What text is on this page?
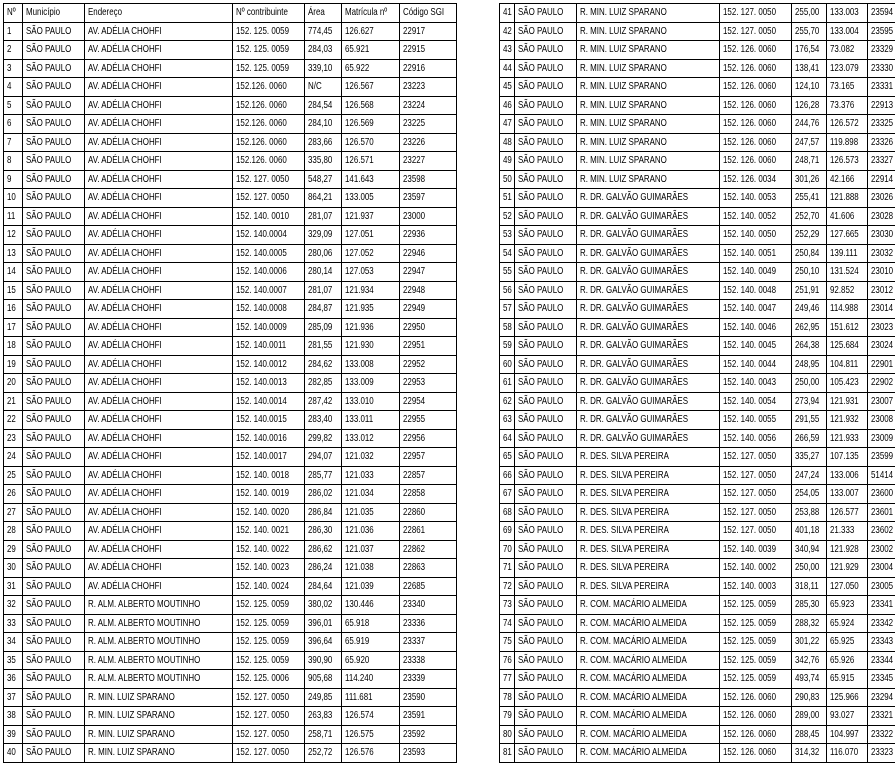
Nº	Município	Endereço	Nº contribuinte	Área	Matrícula nº	Código SGI
1	SÃO PAULO	AV. ADÉLIA CHOHFI	152. 125. 0059	774,45	126.627	22917
2	SÃO PAULO	AV. ADÉLIA CHOHFI	152. 125. 0059	284,03	65.921	22915
3	SÃO PAULO	AV. ADÉLIA CHOHFI	152. 125. 0059	339,10	65.922	22916
4	SÃO PAULO	AV. ADÉLIA CHOHFI	152.126. 0060	N/C	126.567	23223
5	SÃO PAULO	AV. ADÉLIA CHOHFI	152.126. 0060	284,54	126.568	23224
6	SÃO PAULO	AV. ADÉLIA CHOHFI	152.126. 0060	284,10	126.569	23225
7	SÃO PAULO	AV. ADÉLIA CHOHFI	152.126. 0060	283,66	126.570	23226
8	SÃO PAULO	AV. ADÉLIA CHOHFI	152.126. 0060	335,80	126.571	23227
9	SÃO PAULO	AV. ADÉLIA CHOHFI	152. 127. 0050	548,27	141.643	23598
10	SÃO PAULO	AV. ADÉLIA CHOHFI	152. 127. 0050	864,21	133.005	23597
11	SÃO PAULO	AV. ADÉLIA CHOHFI	152. 140. 0010	281,07	121.937	23000
12	SÃO PAULO	AV. ADÉLIA CHOHFI	152. 140.0004	329,09	127.051	22936
13	SÃO PAULO	AV. ADÉLIA CHOHFI	152. 140.0005	280,06	127.052	22946
14	SÃO PAULO	AV. ADÉLIA CHOHFI	152. 140.0006	280,14	127.053	22947
15	SÃO PAULO	AV. ADÉLIA CHOHFI	152. 140.0007	281,07	121.934	22948
16	SÃO PAULO	AV. ADÉLIA CHOHFI	152. 140.0008	284,87	121.935	22949
17	SÃO PAULO	AV. ADÉLIA CHOHFI	152. 140.0009	285,09	121.936	22950
18	SÃO PAULO	AV. ADÉLIA CHOHFI	152. 140.0011	281,55	121.930	22951
19	SÃO PAULO	AV. ADÉLIA CHOHFI	152. 140.0012	284,62	133.008	22952
20	SÃO PAULO	AV. ADÉLIA CHOHFI	152. 140.0013	282,85	133.009	22953
21	SÃO PAULO	AV. ADÉLIA CHOHFI	152. 140.0014	287,42	133.010	22954
22	SÃO PAULO	AV. ADÉLIA CHOHFI	152. 140.0015	283,40	133.011	22955
23	SÃO PAULO	AV. ADÉLIA CHOHFI	152. 140.0016	299,82	133.012	22956
24	SÃO PAULO	AV. ADÉLIA CHOHFI	152. 140.0017	294,07	121.032	22957
25	SÃO PAULO	AV. ADÉLIA CHOHFI	152. 140. 0018	285,77	121.033	22857
26	SÃO PAULO	AV. ADÉLIA CHOHFI	152. 140. 0019	286,02	121.034	22858
27	SÃO PAULO	AV. ADÉLIA CHOHFI	152. 140. 0020	286,84	121.035	22860
28	SÃO PAULO	AV. ADÉLIA CHOHFI	152. 140. 0021	286,30	121.036	22861
29	SÃO PAULO	AV. ADÉLIA CHOHFI	152. 140. 0022	286,62	121.037	22862
30	SÃO PAULO	AV. ADÉLIA CHOHFI	152. 140. 0023	286,24	121.038	22863
31	SÃO PAULO	AV. ADÉLIA CHOHFI	152. 140. 0024	284,64	121.039	22685
32	SÃO PAULO	R. ALM. ALBERTO MOUTINHO	152. 125. 0059	380,02	130.446	23340
33	SÃO PAULO	R. ALM. ALBERTO MOUTINHO	152. 125. 0059	396,01	65.918	23336
34	SÃO PAULO	R. ALM. ALBERTO MOUTINHO	152. 125. 0059	396,64	65.919	23337
35	SÃO PAULO	R. ALM. ALBERTO MOUTINHO	152. 125. 0059	390,90	65.920	23338
36	SÃO PAULO	R. ALM. ALBERTO MOUTINHO	152. 125. 0006	905,68	114.240	23339
37	SÃO PAULO	R. MIN. LUIZ SPARANO	152. 127. 0050	249,85	111.681	23590
38	SÃO PAULO	R. MIN. LUIZ SPARANO	152. 127. 0050	263,83	126.574	23591
39	SÃO PAULO	R. MIN. LUIZ SPARANO	152. 127. 0050	258,71	126.575	23592
40	SÃO PAULO	R. MIN. LUIZ SPARANO	152. 127. 0050	252,72	126.576	23593
41	SÃO PAULO	R. MIN. LUIZ SPARANO	152. 127. 0050	255,00	133.003	23594
42	SÃO PAULO	R. MIN. LUIZ SPARANO	152. 127. 0050	255,70	133.004	23595
43	SÃO PAULO	R. MIN. LUIZ SPARANO	152. 126. 0060	176,54	73.082	23329
44	SÃO PAULO	R. MIN. LUIZ SPARANO	152. 126. 0060	138,41	123.079	23330
45	SÃO PAULO	R. MIN. LUIZ SPARANO	152. 126. 0060	124,10	73.165	23331
46	SÃO PAULO	R. MIN. LUIZ SPARANO	152. 126. 0060	126,28	73.376	22913
47	SÃO PAULO	R. MIN. LUIZ SPARANO	152. 126. 0060	244,76	126.572	23325
48	SÃO PAULO	R. MIN. LUIZ SPARANO	152. 126. 0060	247,57	119.898	23326
49	SÃO PAULO	R. MIN. LUIZ SPARANO	152. 126. 0060	248,71	126.573	23327
50	SÃO PAULO	R. MIN. LUIZ SPARANO	152. 126. 0034	301,26	42.166	22914
51	SÃO PAULO	R. DR. GALVÃO GUIMARÃES	152. 140. 0053	255,41	121.888	23026
52	SÃO PAULO	R. DR. GALVÃO GUIMARÃES	152. 140. 0052	252,70	41.606	23028
53	SÃO PAULO	R. DR. GALVÃO GUIMARÃES	152. 140. 0050	252,29	127.665	23030
54	SÃO PAULO	R. DR. GALVÃO GUIMARÃES	152. 140. 0051	250,84	139.111	23032
55	SÃO PAULO	R. DR. GALVÃO GUIMARÃES	152. 140. 0049	250,10	131.524	23010
56	SÃO PAULO	R. DR. GALVÃO GUIMARÃES	152. 140. 0048	251,91	92.852	23012
57	SÃO PAULO	R. DR. GALVÃO GUIMARÃES	152. 140. 0047	249,46	114.988	23014
58	SÃO PAULO	R. DR. GALVÃO GUIMARÃES	152. 140. 0046	262,95	151.612	23023
59	SÃO PAULO	R. DR. GALVÃO GUIMARÃES	152. 140. 0045	264,38	125.684	23024
60	SÃO PAULO	R. DR. GALVÃO GUIMARÃES	152. 140. 0044	248,95	104.811	22901
61	SÃO PAULO	R. DR. GALVÃO GUIMARÃES	152. 140. 0043	250,00	105.423	22902
62	SÃO PAULO	R. DR. GALVÃO GUIMARÃES	152. 140. 0054	273,94	121.931	23007
63	SÃO PAULO	R. DR. GALVÃO GUIMARÃES	152. 140. 0055	291,55	121.932	23008
64	SÃO PAULO	R. DR. GALVÃO GUIMARÃES	152. 140. 0056	266,59	121.933	23009
65	SÃO PAULO	R. DES. SILVA PEREIRA	152. 127. 0050	335,27	107.135	23599
66	SÃO PAULO	R. DES. SILVA PEREIRA	152. 127. 0050	247,24	133.006	51414
67	SÃO PAULO	R. DES. SILVA PEREIRA	152. 127. 0050	254,05	133.007	23600
68	SÃO PAULO	R. DES. SILVA PEREIRA	152. 127. 0050	253,88	126.577	23601
69	SÃO PAULO	R. DES. SILVA PEREIRA	152. 127. 0050	401,18	21.333	23602
70	SÃO PAULO	R. DES. SILVA PEREIRA	152. 140. 0039	340,94	121.928	23002
71	SÃO PAULO	R. DES. SILVA PEREIRA	152. 140. 0002	250,00	121.929	23004
72	SÃO PAULO	R. DES. SILVA PEREIRA	152. 140. 0003	318,11	127.050	23005
73	SÃO PAULO	R. COM. MACÁRIO ALMEIDA	152. 125. 0059	285,30	65.923	23341
74	SÃO PAULO	R. COM. MACÁRIO ALMEIDA	152. 125. 0059	288,32	65.924	23342
75	SÃO PAULO	R. COM. MACÁRIO ALMEIDA	152. 125. 0059	301,22	65.925	23343
76	SÃO PAULO	R. COM. MACÁRIO ALMEIDA	152. 125. 0059	342,76	65.926	23344
77	SÃO PAULO	R. COM. MACÁRIO ALMEIDA	152. 125. 0059	493,74	65.915	23345
78	SÃO PAULO	R. COM. MACÁRIO ALMEIDA	152. 126. 0060	290,83	125.966	23294
79	SÃO PAULO	R. COM. MACÁRIO ALMEIDA	152. 126. 0060	289,00	93.027	23321
80	SÃO PAULO	R. COM. MACÁRIO ALMEIDA	152. 126. 0060	288,45	104.997	23322
81	SÃO PAULO	R. COM. MACÁRIO ALMEIDA	152. 126. 0060	314,32	116.070	23323
